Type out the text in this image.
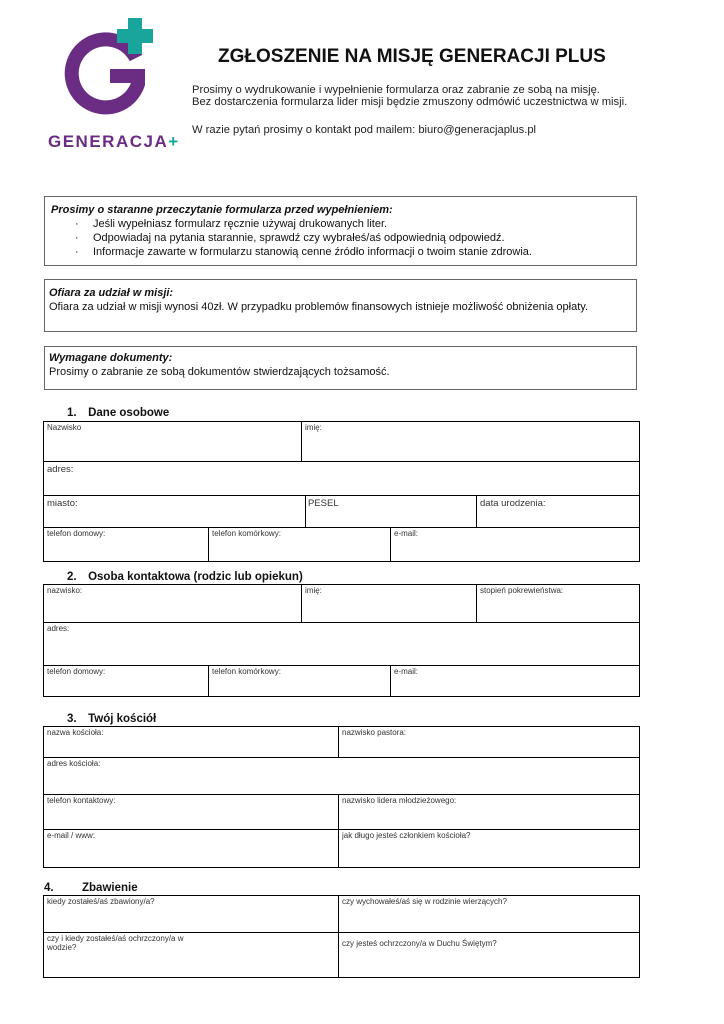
GENERACJA+
ZGŁOSZENIE NA MISJĘ GENERACJI PLUS
Prosimy o wydrukowanie i wypełnienie formularza oraz zabranie ze sobą na misję.
Bez dostarczenia formularza lider misji będzie zmuszony odmówić uczestnictwa w misji.
W razie pytań prosimy o kontakt pod mailem: biuro@generacjaplus.pl
Prosimy o staranne przeczytanie formularza przed wypełnieniem:
· Jeśli wypełniasz formularz ręcznie używaj drukowanych liter.
· Odpowiadaj na pytania starannie, sprawdź czy wybrałeś/aś odpowiednią odpowiedź.
· Informacje zawarte w formularzu stanowią cenne źródło informacji o twoim stanie zdrowia.
Ofiara za udział w misji:
Ofiara za udział w misji wynosi 40zł. W przypadku problemów finansowych istnieje możliwość obniżenia opłaty.
Wymagane dokumenty:
Prosimy o zabranie ze sobą dokumentów stwierdzających tożsamość.
1. Dane osobowe
Nazwisko	imię:
adres:
miasto:	PESEL	data urodzenia:
telefon domowy:	telefon komórkowy:	e-mail:
2. Osoba kontaktowa (rodzic lub opiekun)
nazwisko:	imię:	stopień pokrewieństwa:
adres:
telefon domowy:	telefon komórkowy:	e-mail:
3. Twój kościół
nazwa kościoła:	nazwisko pastora:
adres kościoła:
telefon kontaktowy:	nazwisko lidera młodzieżowego:
e-mail / www:	jak długo jesteś członkiem kościoła?
4. Zbawienie
kiedy zostałeś/aś zbawiony/a?	czy wychowałeś/aś się w rodzinie wierzących?
czy i kiedy zostałeś/aś ochrzczony/a w wodzie?	czy jesteś ochrzczony/a w Duchu Świętym?
